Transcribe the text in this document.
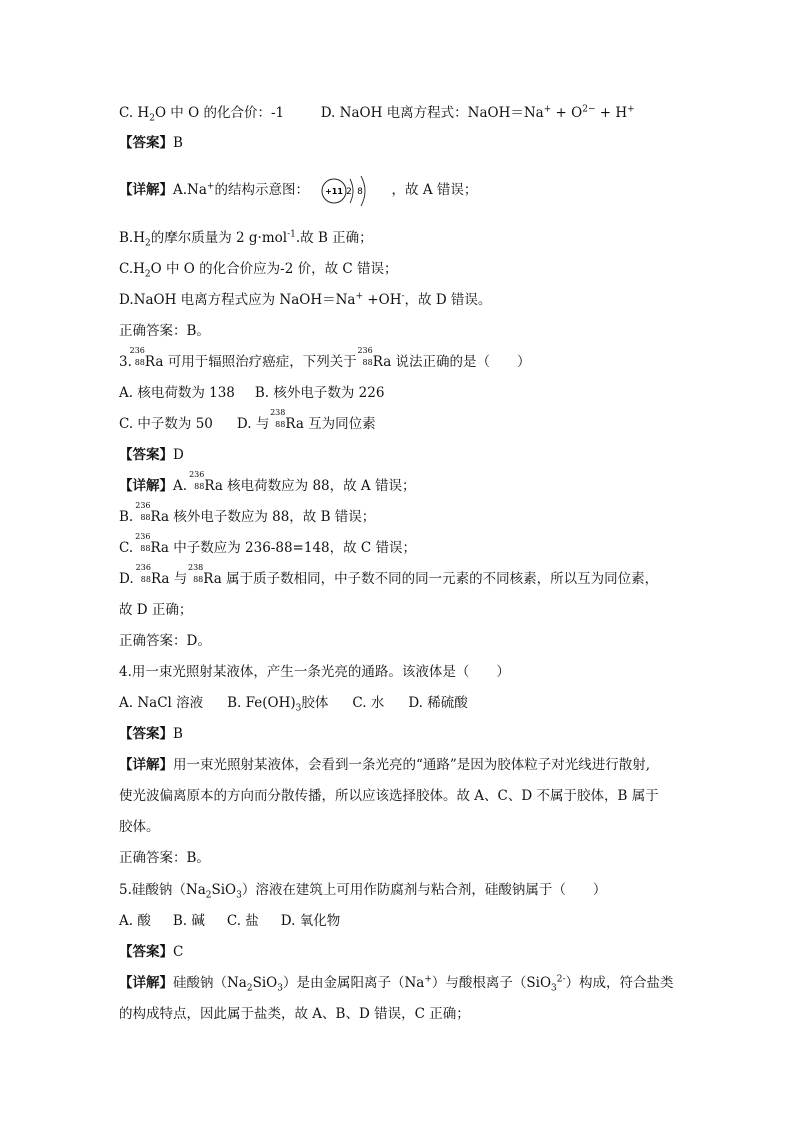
C. $H_2O$ 中 O 的化合价：-1	D. NaOH 电离方程式：NaOH＝Na+ + $O^{2-} + H^+$
【答案】B
【详解】A.Na+的结构示意图： +11 2 8 ，故 A 错误；
$B.H_2$的摩尔质量为 2 g·mol$^{-1}$.故 B 正确；
$C.H_2O$ 中 O 的化合价应为-2 价，故 C 错误；
D.NaOH 电离方程式应为 NaOH＝Na+ +OH-，故 D 错误。
正确答案：B。
3.
236
88 Ra 可用于辐照治疗癌症，下列关于
236
88 Ra 说法正确的是（　　）
A. 核电荷数为 138 B. 核外电子数为 226
C. 中子数为 50 D. 与
238
88 Ra 互为同位素
【答案】D
【详解】A.
236
88 Ra 核电荷数应为 88，故 A 错误；
B.
236
88 Ra 核外电子数应为 88，故 B 错误；
C.
236
88 Ra 中子数应为 236-88=148，故 C 错误；
D.
236
88 Ra 与
238
88 Ra 属于质子数相同，中子数不同的同一元素的不同核素，所以互为同位素，
故 D 正确；
正确答案：D。
4.用一束光照射某液体，产生一条光亮的通路。该液体是（　　）
A. NaCl 溶液 B. $Fe(OH)_3$胶体 C. 水 D. 稀硫酸
【答案】B
【详解】用一束光照射某液体，会看到一条光亮的“通路”是因为胶体粒子对光线进行散射,
使光波偏离原本的方向而分散传播，所以应该选择胶体。故 A、C、D 不属于胶体，B 属于
胶体。
正确答案：B。
5.硅酸钠$(Na_2SiO_3)$溶液在建筑上可用作防腐剂与粘合剂，硅酸钠属于（　　）
A. 酸 B. 碱 C. 盐 D. 氧化物
【答案】C
【详解】硅酸钠$(Na_2SiO_3)$是由金属阳离子（Na+）与酸根离子（SiO$_3^{2-}$）构成，符合盐类
的构成特点，因此属于盐类，故 A、B、D 错误，C 正确；
